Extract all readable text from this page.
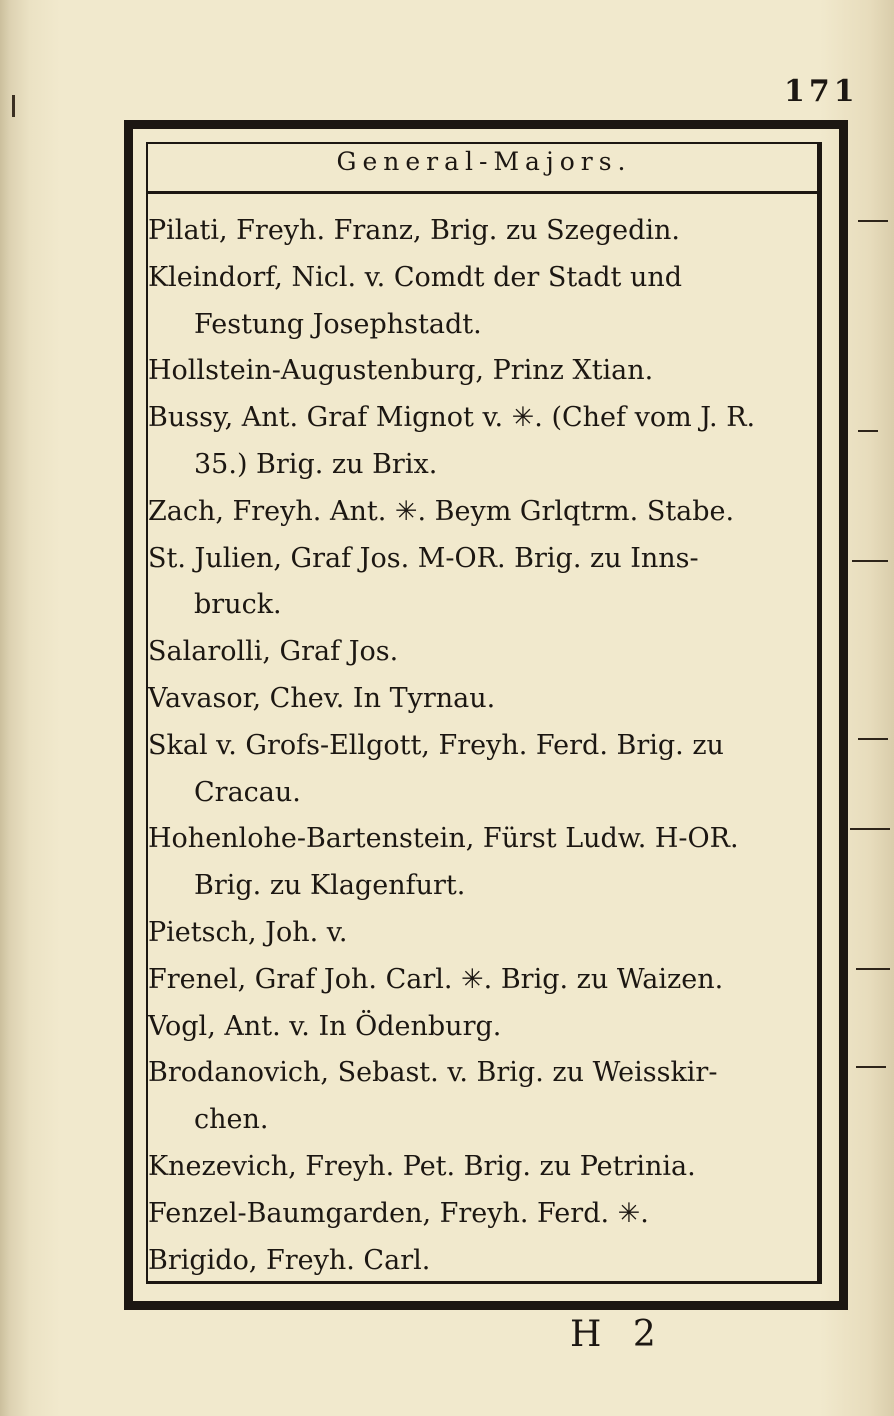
171
General-Majors.
Pilati, Freyh. Franz, Brig. zu Szegedin.
Kleindorf, Nicl. v. Comdt der Stadt und
Festung Josephstadt.
Hollstein-Augustenburg, Prinz Xtian.
Bussy, Ant. Graf Mignot v. ✳. (Chef vom J. R.
35.) Brig. zu Brix.
Zach, Freyh. Ant. ✳. Beym Grlqtrm. Stabe.
St. Julien, Graf Jos. M-OR. Brig. zu Inns-
bruck.
Salarolli, Graf Jos.
Vavasor, Chev. In Tyrnau.
Skal v. Grofs-Ellgott, Freyh. Ferd. Brig. zu
Cracau.
Hohenlohe-Bartenstein, Fürst Ludw. H-OR.
Brig. zu Klagenfurt.
Pietsch, Joh. v.
Frenel, Graf Joh. Carl. ✳. Brig. zu Waizen.
Vogl, Ant. v. In Ödenburg.
Brodanovich, Sebast. v. Brig. zu Weisskir-
chen.
Knezevich, Freyh. Pet. Brig. zu Petrinia.
Fenzel-Baumgarden, Freyh. Ferd. ✳.
Brigido, Freyh. Carl.
H 2
